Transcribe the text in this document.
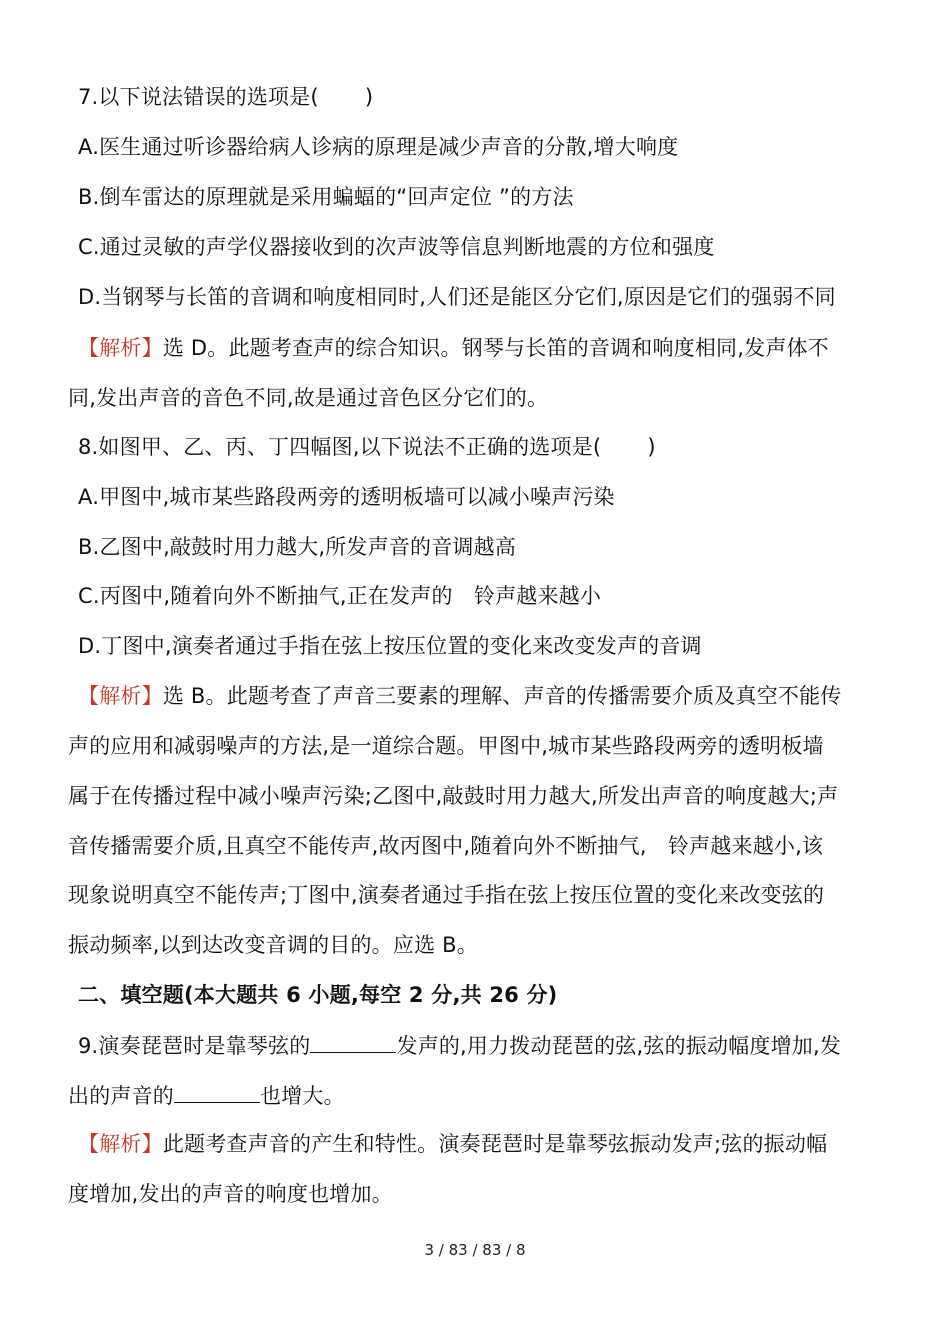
7.以下说法错误的选项是( )
A.医生通过听诊器给病人诊病的原理是减少声音的分散,增大响度
B.倒车雷达的原理就是采用蝙蝠的“回声定位 ”的方法
C.通过灵敏的声学仪器接收到的次声波等信息判断地震的方位和强度
D.当钢琴与长笛的音调和响度相同时,人们还是能区分它们,原因是它们的强弱不同
【解析】选 D。此题考查声的综合知识。钢琴与长笛的音调和响度相同,发声体不
同,发出声音的音色不同,故是通过音色区分它们的。
8.如图甲、乙、丙、丁四幅图,以下说法不正确的选项是( )
A.甲图中,城市某些路段两旁的透明板墙可以减小噪声污染
B.乙图中,敲鼓时用力越大,所发声音的音调越高
C.丙图中,随着向外不断抽气,正在发声的　铃声越来越小
D.丁图中,演奏者通过手指在弦上按压位置的变化来改变发声的音调
【解析】选 B。此题考查了声音三要素的理解、声音的传播需要介质及真空不能传
声的应用和减弱噪声的方法,是一道综合题。甲图中,城市某些路段两旁的透明板墙
属于在传播过程中减小噪声污染;乙图中,敲鼓时用力越大,所发出声音的响度越大;声
音传播需要介质,且真空不能传声,故丙图中,随着向外不断抽气,　铃声越来越小,该
现象说明真空不能传声;丁图中,演奏者通过手指在弦上按压位置的变化来改变弦的
振动频率,以到达改变音调的目的。应选 B。
二、填空题(本大题共 6 小题,每空 2 分,共 26 分)
9.演奏琵琶时是靠琴弦的	发声的,用力拨动琵琶的弦,弦的振动幅度增加,发
出的声音的	也增大。
【解析】此题考查声音的产生和特性。演奏琵琶时是靠琴弦振动发声;弦的振动幅
度增加,发出的声音的响度也增加。
3 / 83 / 83 / 8
